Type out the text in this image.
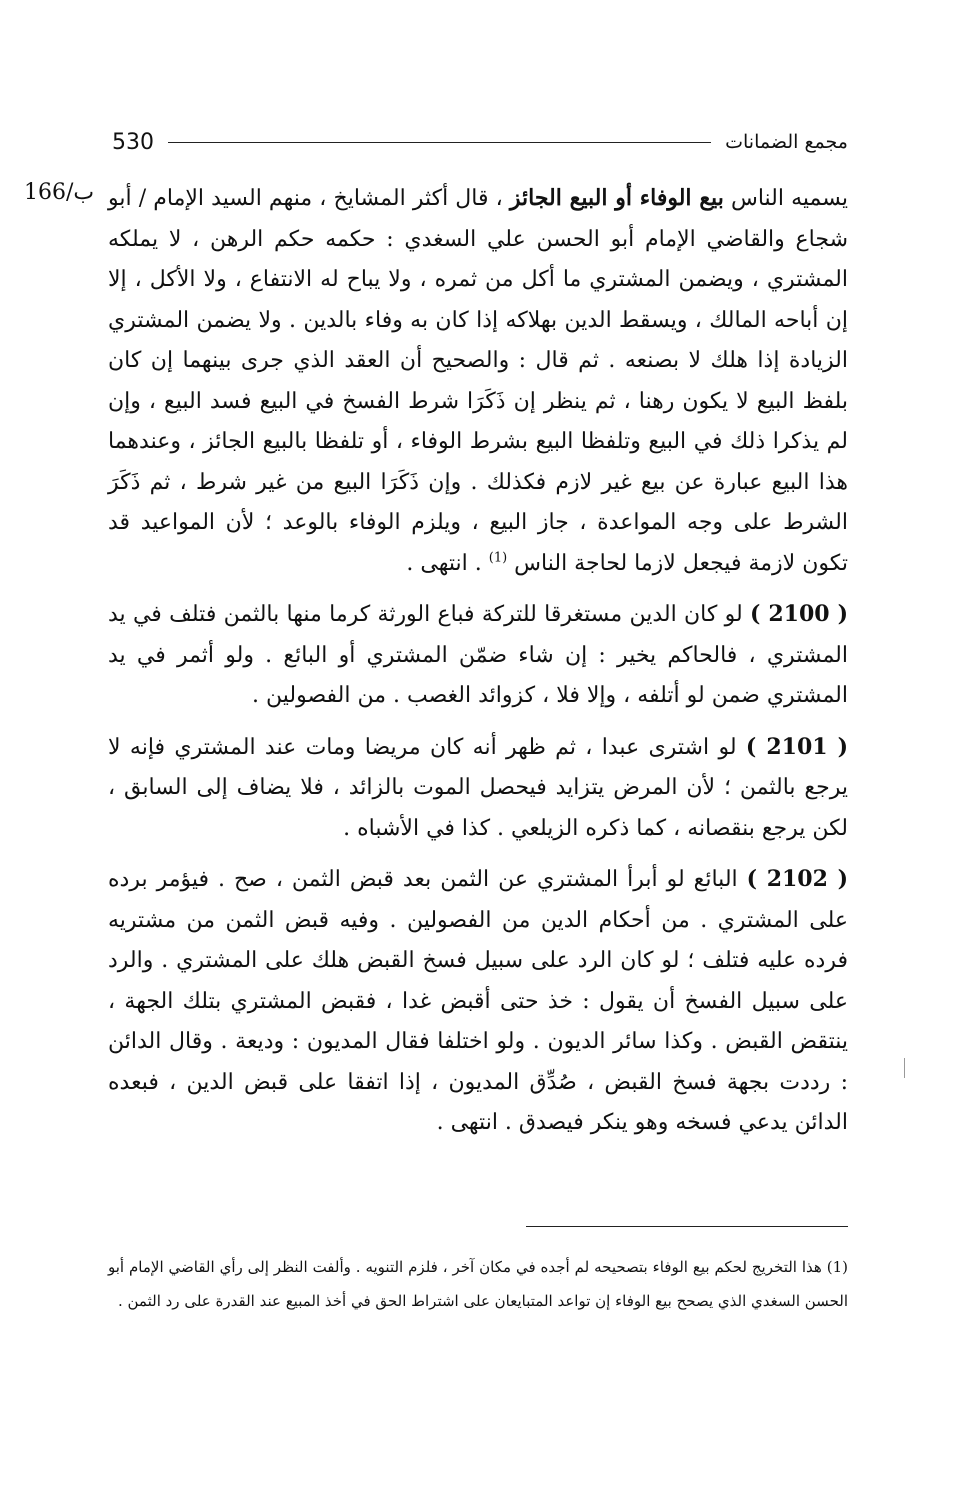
530	مجمع الضمانات
166/ب	يسميه الناس بيع الوفاء أو البيع الجائز ، قال أكثر المشايخ ، منهم السيد الإمام / أبو شجاع والقاضي الإمام أبو الحسن علي السغدي : حكمه حكم الرهن ، لا يملكه المشتري ، ويضمن المشتري ما أكل من ثمره ، ولا يباح له الانتفاع ، ولا الأكل ، إلا إن أباحه المالك ، ويسقط الدين بهلاكه إذا كان به وفاء بالدين . ولا يضمن المشتري الزيادة إذا هلك لا بصنعه . ثم قال : والصحيح أن العقد الذي جرى بينهما إن كان بلفظ البيع لا يكون رهنا ، ثم ينظر إن ذَكَرَا شرط الفسخ في البيع فسد البيع ، وإن لم يذكرا ذلك في البيع وتلفظا البيع بشرط الوفاء ، أو تلفظا بالبيع الجائز ، وعندهما هذا البيع عبارة عن بيع غير لازم فكذلك . وإن ذَكَرَا البيع من غير شرط ، ثم ذَكَرَ الشرط على وجه المواعدة ، جاز البيع ، ويلزم الوفاء بالوعد ؛ لأن المواعيد قد تكون لازمة فيجعل لازما لحاجة الناس $^{(1)}$ . انتهى .

( 2100 ) لو كان الدين مستغرقا للتركة فباع الورثة كرما منها بالثمن فتلف في يد المشتري ، فالحاكم يخير : إن شاء ضمّن المشتري أو البائع . ولو أثمر في يد المشتري ضمن لو أتلفه ، وإلا فلا ، كزوائد الغصب . من الفصولين .

( 2101 ) لو اشترى عبدا ، ثم ظهر أنه كان مريضا ومات عند المشتري فإنه لا يرجع بالثمن ؛ لأن المرض يتزايد فيحصل الموت بالزائد ، فلا يضاف إلى السابق ، لكن يرجع بنقصانه ، كما ذكره الزيلعي . كذا في الأشباه .

( 2102 ) البائع لو أبرأ المشتري عن الثمن بعد قبض الثمن ، صح . فيؤمر برده على المشتري . من أحكام الدين من الفصولين . وفيه قبض الثمن من مشتريه فرده عليه فتلف ؛ لو كان الرد على سبيل فسخ القبض هلك على المشتري . والرد على سبيل الفسخ أن يقول : خذ حتى أقبض غدا ، فقبض المشتري بتلك الجهة ، ينتقض القبض . وكذا سائر الديون . ولو اختلفا فقال المديون : وديعة . وقال الدائن : رددت بجهة فسخ القبض ، صُدِّق المديون ، إذا اتفقا على قبض الدين ، فبعده الدائن يدعي فسخه وهو ينكر فيصدق . انتهى .

(1) هذا التخريج لحكم بيع الوفاء بتصحيحه لم أجده في مكان آخر ، فلزم التنويه . وألفت النظر إلى رأي القاضي الإمام أبو الحسن السغدي الذي يصحح بيع الوفاء إن تواعد المتبايعان على اشتراط الحق في أخذ المبيع عند القدرة على رد الثمن .
